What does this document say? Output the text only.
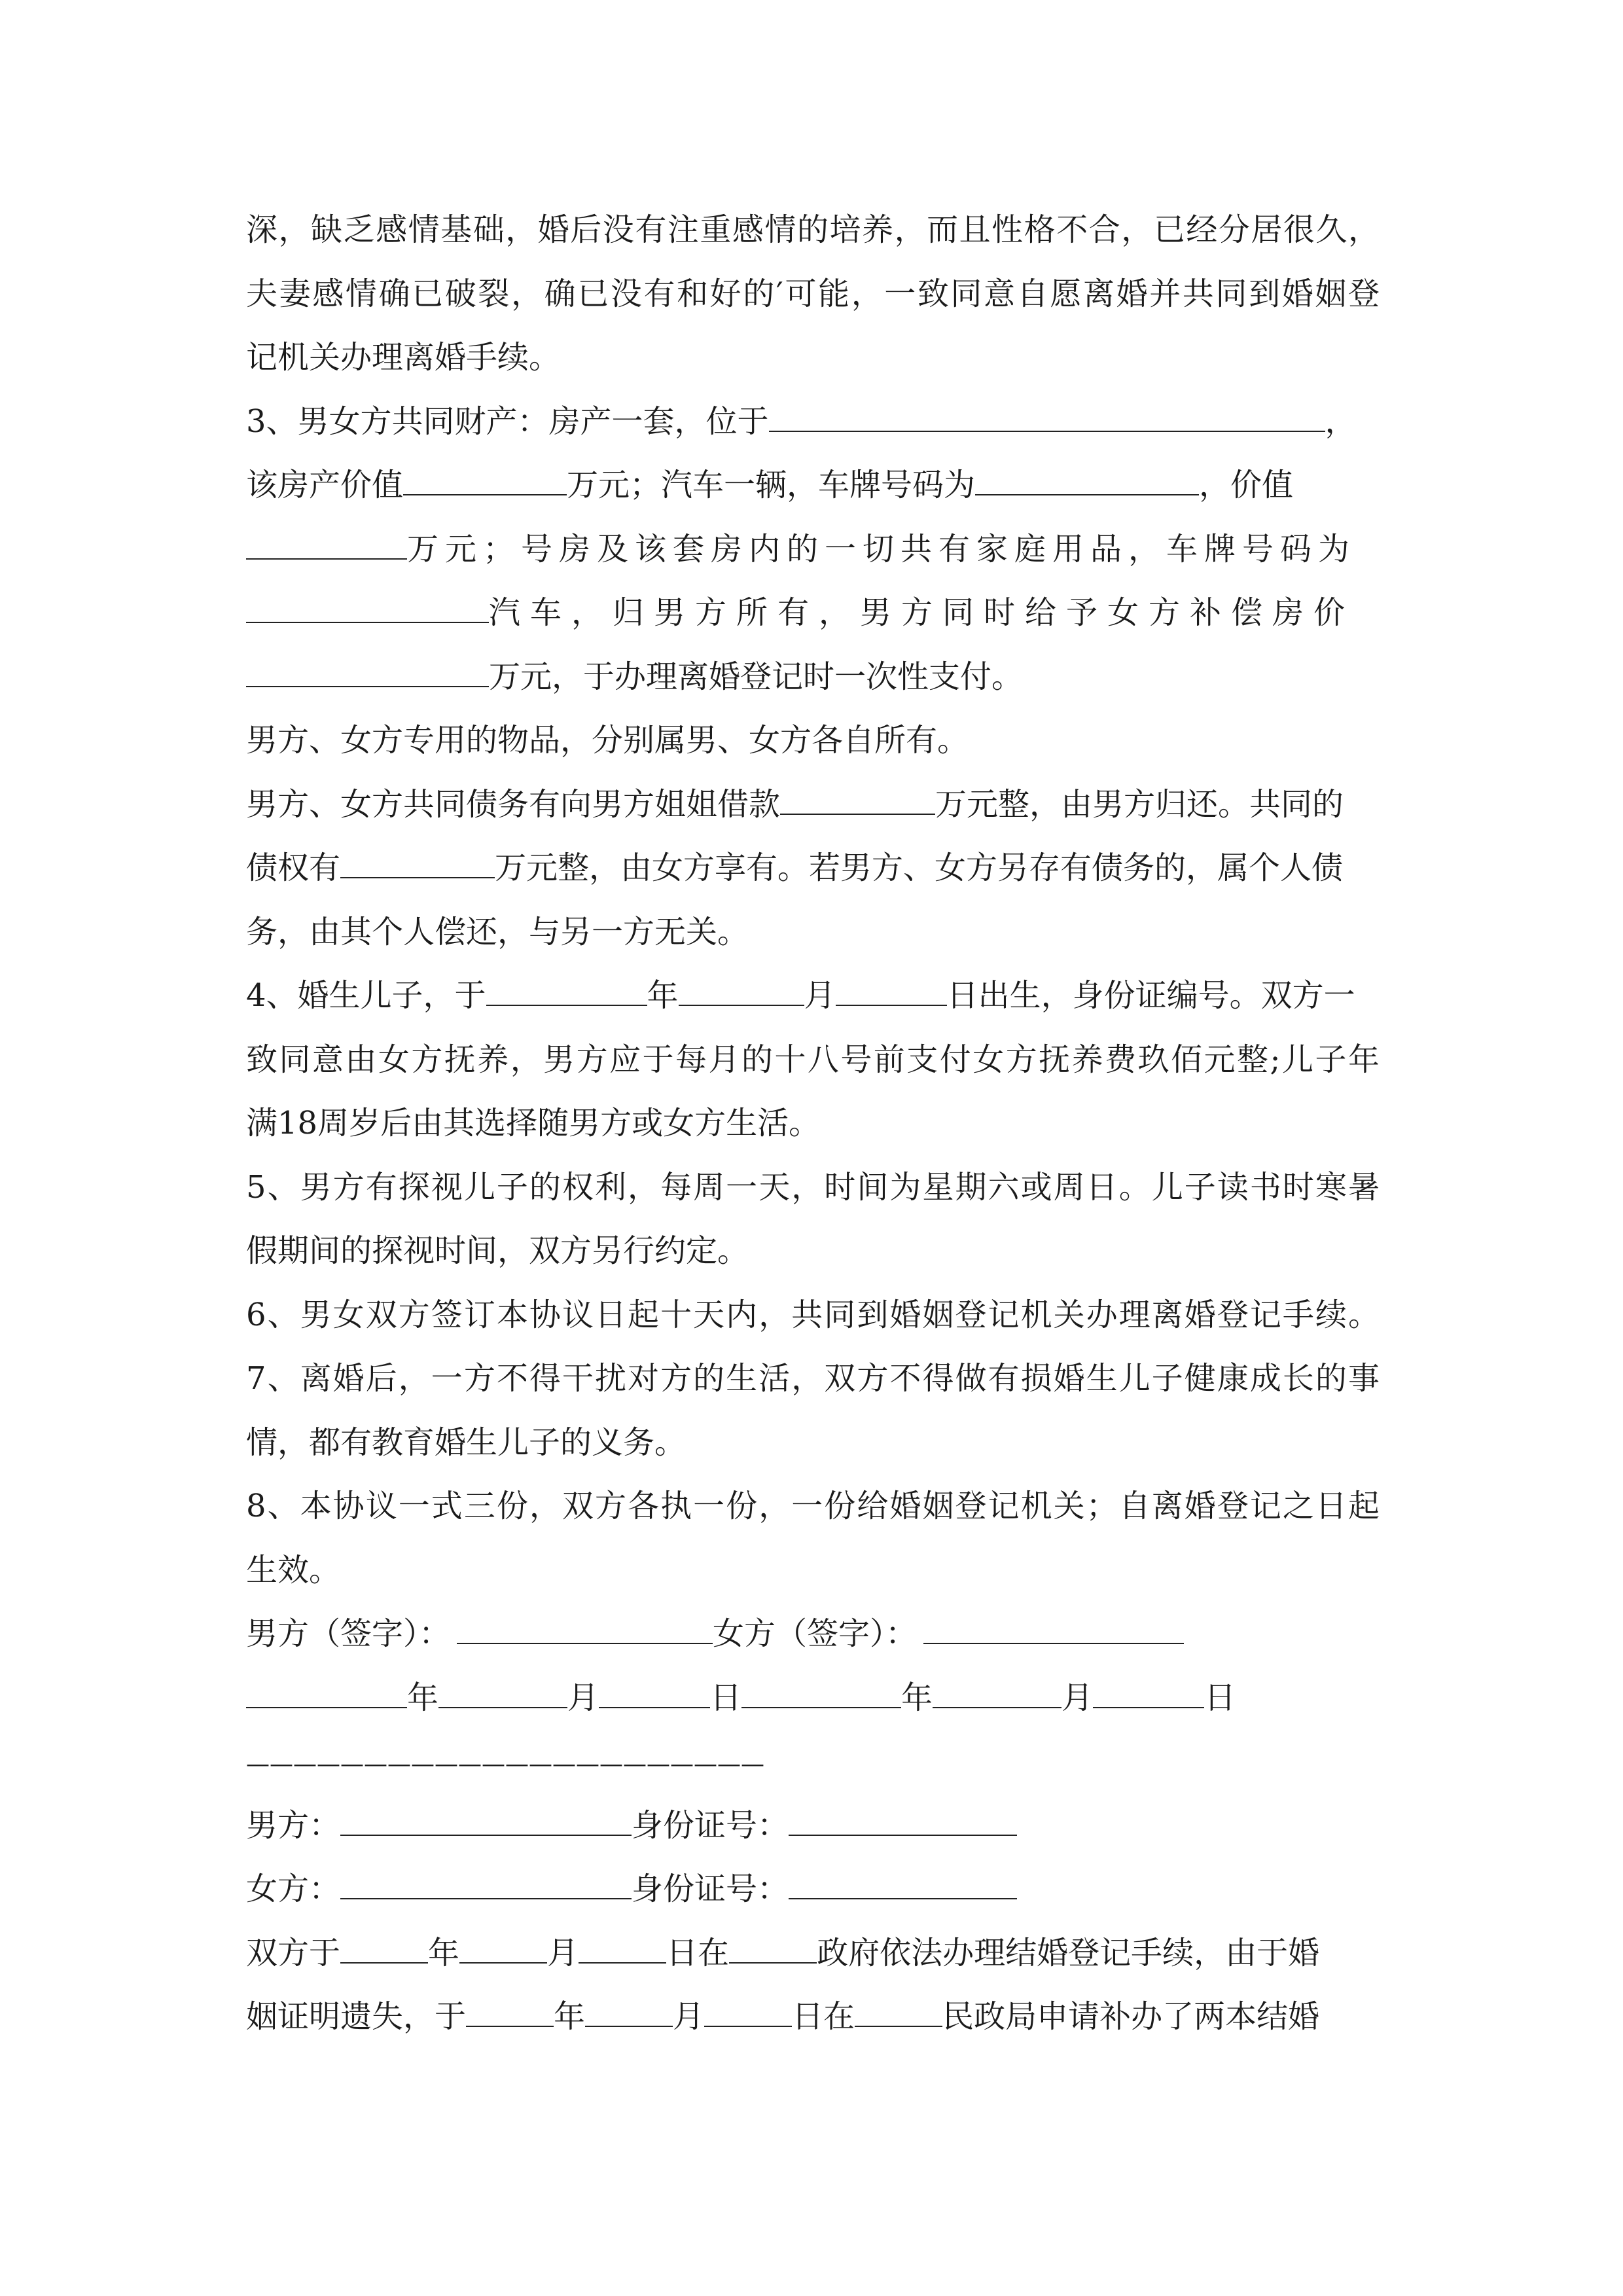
深，缺乏感情基础，婚后没有注重感情的培养，而且性格不合，已经分居很久，
夫妻感情确已破裂，确已没有和好的′可能，一致同意自愿离婚并共同到婚姻登
记机关办理离婚手续。
3、男女方共同财产：房产一套，位于	，
该房产价值	万元；汽车一辆，车牌号码为	，价值
万元；号房及该套房内的一切共有家庭用品，车牌号码为
汽车，归男方所有，男方同时给予女方补偿房价
万元，于办理离婚登记时一次性支付。
男方、女方专用的物品，分别属男、女方各自所有。
男方、女方共同债务有向男方姐姐借款	万元整，由男方归还。共同的
债权有	万元整，由女方享有。若男方、女方另存有债务的，属个人债
务，由其个人偿还，与另一方无关。
4、婚生儿子，于	年	月	日出生，身份证编号。双方一
致同意由女方抚养，男方应于每月的十八号前支付女方抚养费玖佰元整;儿子年
满18周岁后由其选择随男方或女方生活。
5、男方有探视儿子的权利，每周一天，时间为星期六或周日。儿子读书时寒暑
假期间的探视时间，双方另行约定。
6、男女双方签订本协议日起十天内，共同到婚姻登记机关办理离婚登记手续。
7、离婚后，一方不得干扰对方的生活，双方不得做有损婚生儿子健康成长的事
情，都有教育婚生儿子的义务。
8、本协议一式三份，双方各执一份，一份给婚姻登记机关；自离婚登记之日起
生效。
男方（签字）：	女方（签字）：
年	月	日	年	月	日
——————————————————————
男方：	身份证号：
女方：	身份证号：
双方于	年	月	日在	政府依法办理结婚登记手续，由于婚
姻证明遗失，于	年	月	日在	民政局申请补办了两本结婚
